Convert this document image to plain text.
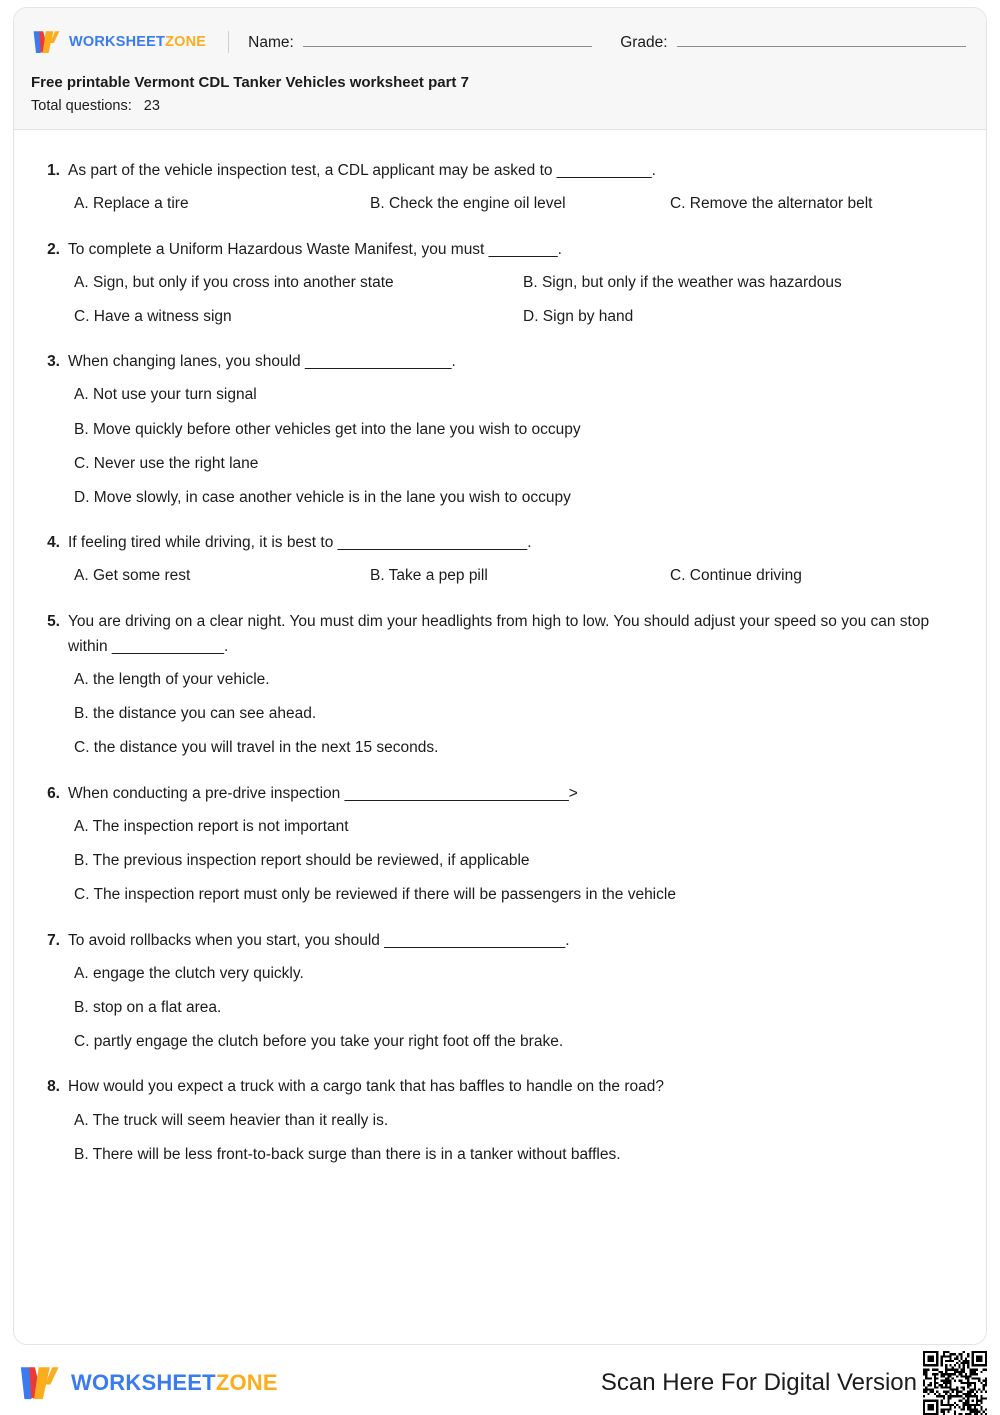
WORKSHEETZONE	Name:	Grade:

Free printable Vermont CDL Tanker Vehicles worksheet part 7

Total questions: 23

1. As part of the vehicle inspection test, a CDL applicant may be asked to ___________.
A. Replace a tire	B. Check the engine oil level	C. Remove the alternator belt
2. To complete a Uniform Hazardous Waste Manifest, you must ________.
A. Sign, but only if you cross into another state	B. Sign, but only if the weather was hazardous
C. Have a witness sign	D. Sign by hand
3. When changing lanes, you should _________________.
A. Not use your turn signal
B. Move quickly before other vehicles get into the lane you wish to occupy
C. Never use the right lane
D. Move slowly, in case another vehicle is in the lane you wish to occupy
4. If feeling tired while driving, it is best to ______________________.
A. Get some rest	B. Take a pep pill	C. Continue driving
5. You are driving on a clear night. You must dim your headlights from high to low. You should adjust your speed so you can stop within _____________.
A. the length of your vehicle.
B. the distance you can see ahead.
C. the distance you will travel in the next 15 seconds.
6. When conducting a pre-drive inspection __________________________>
A. The inspection report is not important
B. The previous inspection report should be reviewed, if applicable
C. The inspection report must only be reviewed if there will be passengers in the vehicle
7. To avoid rollbacks when you start, you should _____________________.
A. engage the clutch very quickly.
B. stop on a flat area.
C. partly engage the clutch before you take your right foot off the brake.
8. How would you expect a truck with a cargo tank that has baffles to handle on the road?
A. The truck will seem heavier than it really is.
B. There will be less front-to-back surge than there is in a tanker without baffles.
WORKSHEETZONE	Scan Here For Digital Version
